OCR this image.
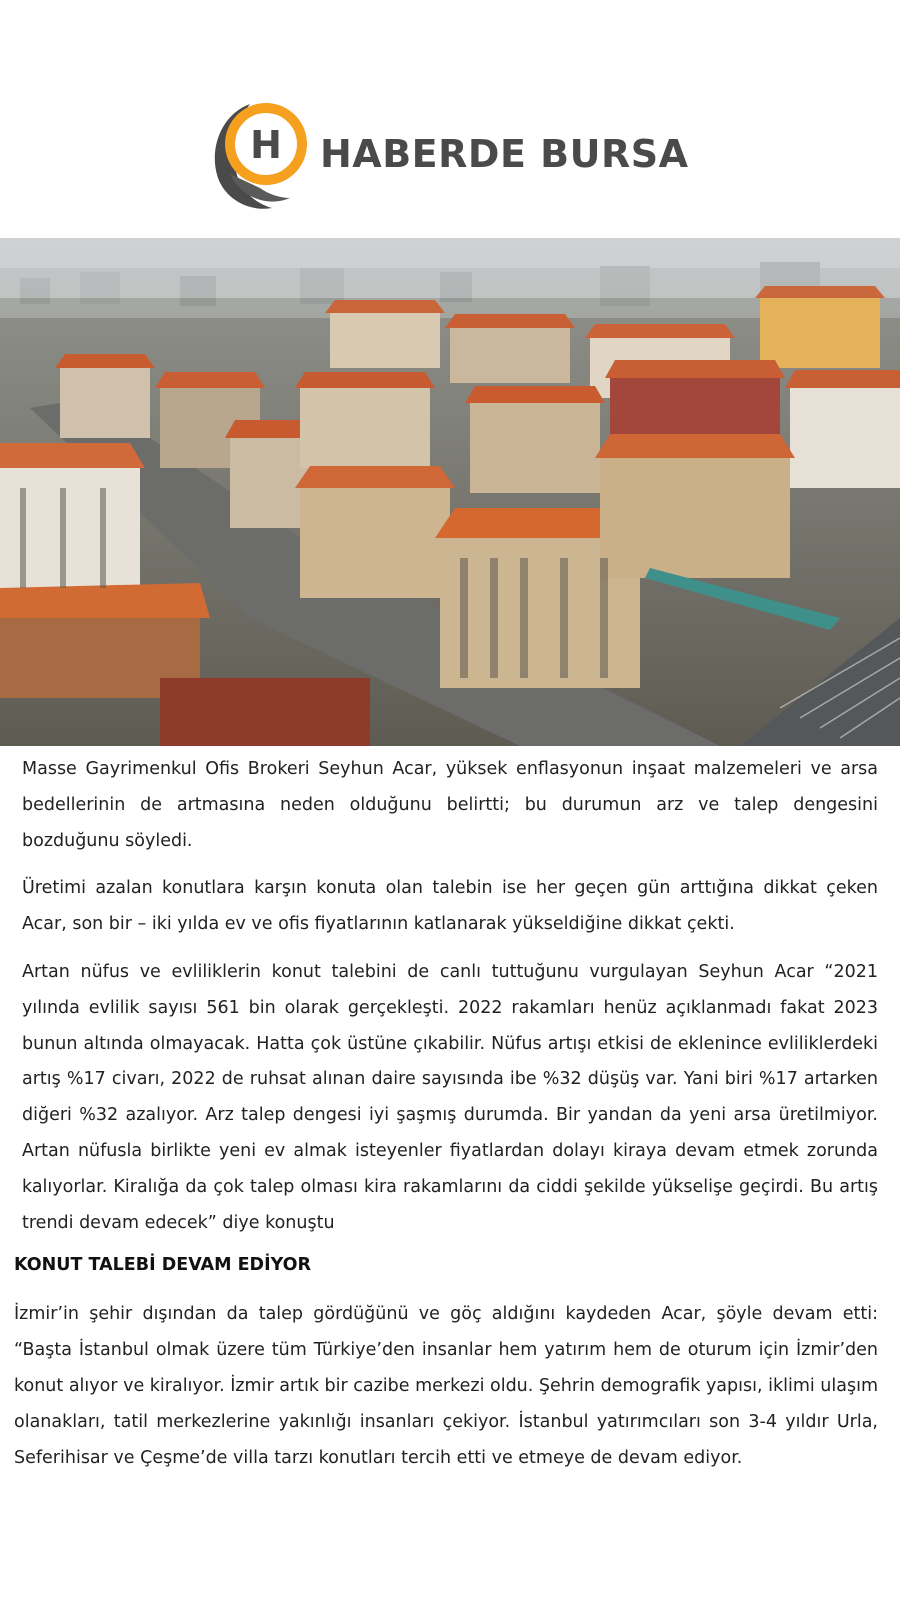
H HABERDE BURSA

Masse Gayrimenkul Ofis Brokeri Seyhun Acar, yüksek enflasyonun inşaat malzemeleri ve arsa bedellerinin de artmasına neden olduğunu belirtti; bu durumun arz ve talep dengesini bozduğunu söyledi.

Üretimi azalan konutlara karşın konuta olan talebin ise her geçen gün arttığına dikkat çeken Acar, son bir – iki yılda ev ve ofis fiyatlarının katlanarak yükseldiğine dikkat çekti.

Artan nüfus ve evliliklerin konut talebini de canlı tuttuğunu vurgulayan Seyhun Acar “2021 yılında evlilik sayısı 561 bin olarak gerçekleşti. 2022 rakamları henüz açıklanmadı fakat 2023 bunun altında olmayacak. Hatta çok üstüne çıkabilir. Nüfus artışı etkisi de eklenince evliliklerdeki artış %17 civarı, 2022 de ruhsat alınan daire sayısında ibe %32 düşüş var. Yani biri %17 artarken diğeri %32 azalıyor. Arz talep dengesi iyi şaşmış durumda. Bir yandan da yeni arsa üretilmiyor. Artan nüfusla birlikte yeni ev almak isteyenler fiyatlardan dolayı kiraya devam etmek zorunda kalıyorlar. Kiralığa da çok talep olması kira rakamlarını da ciddi şekilde yükselişe geçirdi. Bu artış trendi devam edecek” diye konuştu

KONUT TALEBİ DEVAM EDİYOR

İzmir’in şehir dışından da talep gördüğünü ve göç aldığını kaydeden Acar, şöyle devam etti: “Başta İstanbul olmak üzere tüm Türkiye’den insanlar hem yatırım hem de oturum için İzmir’den konut alıyor ve kiralıyor. İzmir artık bir cazibe merkezi oldu. Şehrin demografik yapısı, iklimi ulaşım olanakları, tatil merkezlerine yakınlığı insanları çekiyor. İstanbul yatırımcıları son 3-4 yıldır Urla, Seferihisar ve Çeşme’de villa tarzı konutları tercih etti ve etmeye de devam ediyor.
